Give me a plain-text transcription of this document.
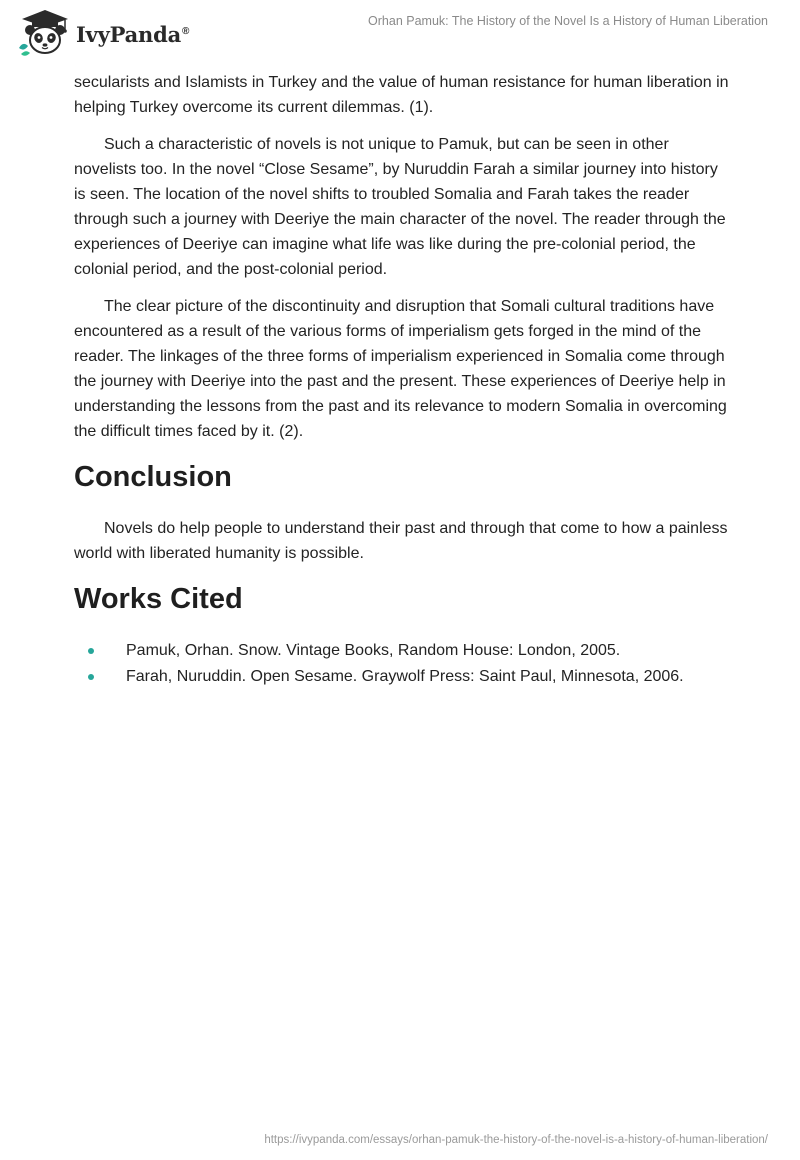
IvyPanda®
Orhan Pamuk: The History of the Novel Is a History of Human Liberation

secularists and Islamists in Turkey and the value of human resistance for human liberation in helping Turkey overcome its current dilemmas. (1).

Such a characteristic of novels is not unique to Pamuk, but can be seen in other novelists too. In the novel “Close Sesame”, by Nuruddin Farah a similar journey into history is seen. The location of the novel shifts to troubled Somalia and Farah takes the reader through such a journey with Deeriye the main character of the novel. The reader through the experiences of Deeriye can imagine what life was like during the pre-colonial period, the colonial period, and the post-colonial period.

The clear picture of the discontinuity and disruption that Somali cultural traditions have encountered as a result of the various forms of imperialism gets forged in the mind of the reader. The linkages of the three forms of imperialism experienced in Somalia come through the journey with Deeriye into the past and the present. These experiences of Deeriye help in understanding the lessons from the past and its relevance to modern Somalia in overcoming the difficult times faced by it. (2).

Conclusion

Novels do help people to understand their past and through that come to how a painless world with liberated humanity is possible.

Works Cited
Pamuk, Orhan. Snow. Vintage Books, Random House: London, 2005.
Farah, Nuruddin. Open Sesame. Graywolf Press: Saint Paul, Minnesota, 2006.
https://ivypanda.com/essays/orhan-pamuk-the-history-of-the-novel-is-a-history-of-human-liberation/
